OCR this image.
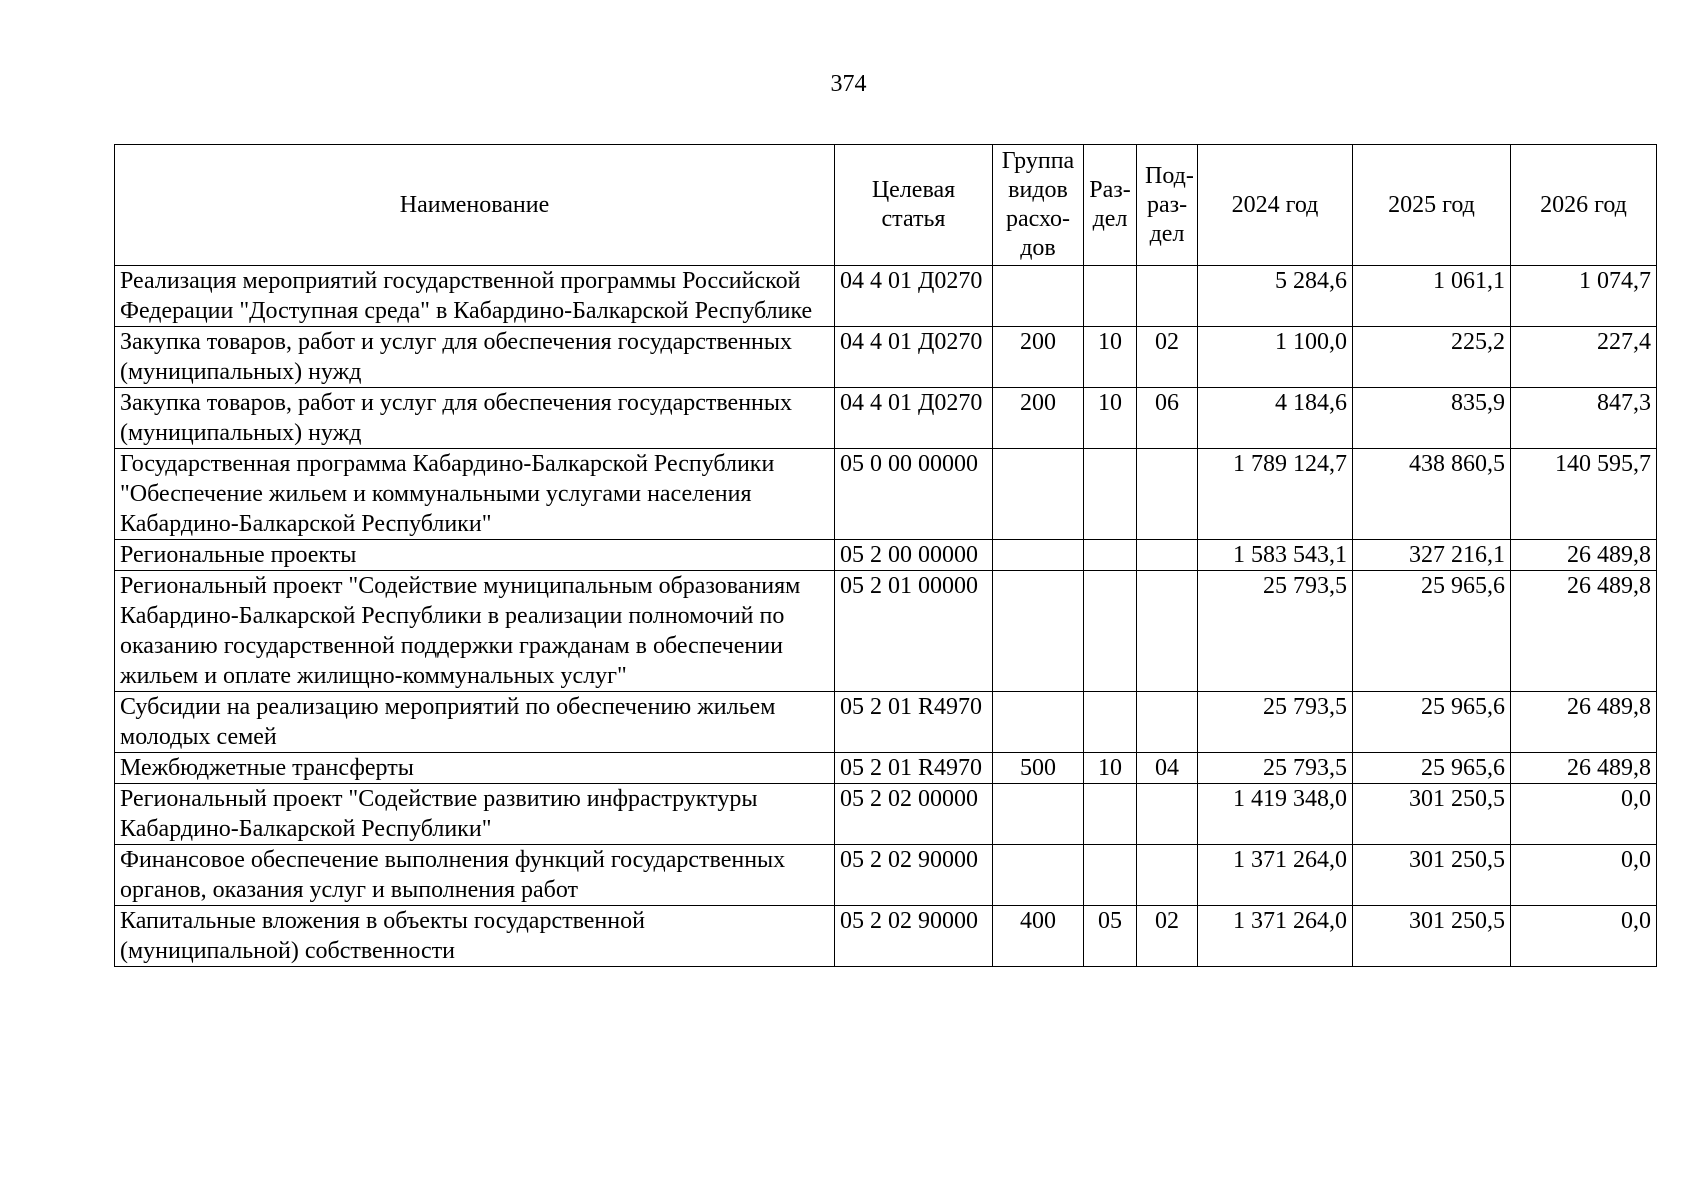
374
Наименование	Целевая статья	Группа видов расхо-дов	Раз-дел	Под-раз-дел	2024 год	2025 год	2026 год
Реализация мероприятий государственной программы Российской Федерации "Доступная среда" в Кабардино-Балкарской Республике	04 4 01 Д0270				5 284,6	1 061,1	1 074,7
Закупка товаров, работ и услуг для обеспечения государственных (муниципальных) нужд	04 4 01 Д0270	200	10	02	1 100,0	225,2	227,4
Закупка товаров, работ и услуг для обеспечения государственных (муниципальных) нужд	04 4 01 Д0270	200	10	06	4 184,6	835,9	847,3
Государственная программа Кабардино-Балкарской Республики "Обеспечение жильем и коммунальными услугами населения Кабардино-Балкарской Республики"	05 0 00 00000				1 789 124,7	438 860,5	140 595,7
Региональные проекты	05 2 00 00000				1 583 543,1	327 216,1	26 489,8
Региональный проект "Содействие муниципальным образованиям Кабардино-Балкарской Республики в реализации полномочий по оказанию государственной поддержки гражданам в обеспечении жильем и оплате жилищно-коммунальных услуг"	05 2 01 00000				25 793,5	25 965,6	26 489,8
Субсидии на реализацию мероприятий по обеспечению жильем молодых семей	05 2 01 R4970				25 793,5	25 965,6	26 489,8
Межбюджетные трансферты	05 2 01 R4970	500	10	04	25 793,5	25 965,6	26 489,8
Региональный проект "Содействие развитию инфраструктуры Кабардино-Балкарской Республики"	05 2 02 00000				1 419 348,0	301 250,5	0,0
Финансовое обеспечение выполнения функций государственных органов, оказания услуг и выполнения работ	05 2 02 90000				1 371 264,0	301 250,5	0,0
Капитальные вложения в объекты государственной (муниципальной) собственности	05 2 02 90000	400	05	02	1 371 264,0	301 250,5	0,0
